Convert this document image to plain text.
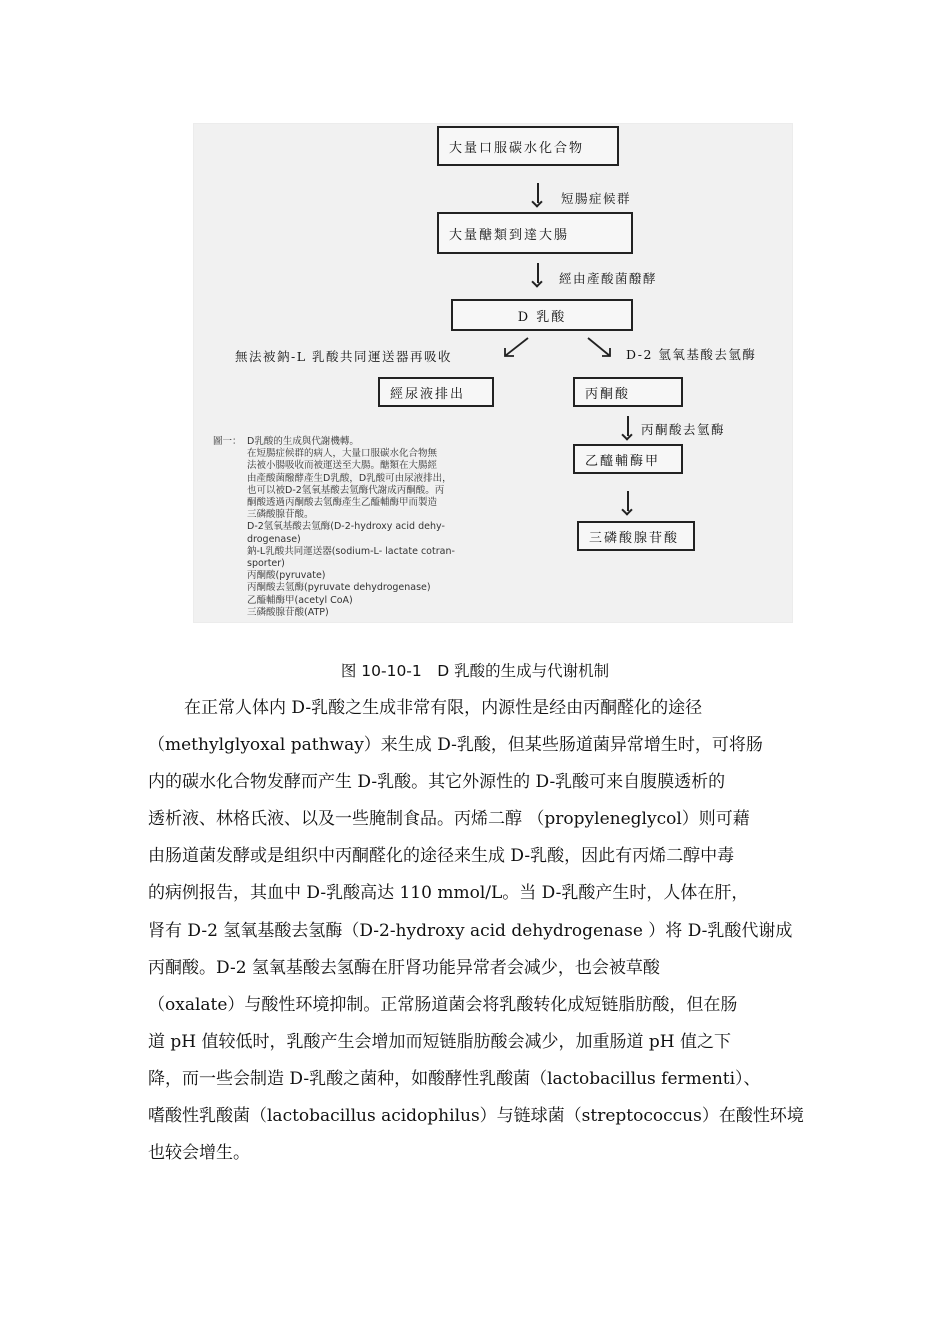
大量口服碳水化合物
短腸症候群
大量醣類到達大腸
經由產酸菌醱酵
D 乳酸
無法被鈉-L 乳酸共同運送器再吸收	D-2 氫氧基酸去氫酶
經尿液排出	丙酮酸
丙酮酸去氫酶
乙醯輔酶甲
三磷酸腺苷酸
圖一： D乳酸的生成與代謝機轉。
在短腸症候群的病人，大量口服碳水化合物無
法被小腸吸收而被運送至大腸。醣類在大腸經
由產酸菌醱酵產生D乳酸，D乳酸可由尿液排出，
也可以被D-2氫氧基酸去氫酶代謝成丙酮酸。丙
酮酸透過丙酮酸去氫酶產生乙醯輔酶甲而製造
三磷酸腺苷酸。
D-2氫氧基酸去氫酶(D-2-hydroxy acid dehy-
drogenase)
鈉-L乳酸共同運送器(sodium-L- lactate cotran-
sporter)
丙酮酸(pyruvate)
丙酮酸去氫酶(pyruvate dehydrogenase)
乙醯輔酶甲(acetyl CoA)
三磷酸腺苷酸(ATP)
图 10-10-1　D 乳酸的生成与代谢机制
在正常人体内 D-乳酸之生成非常有限，内源性是经由丙酮醛化的途径
（methylglyoxal pathway）来生成 D-乳酸，但某些肠道菌异常增生时，可将肠
内的碳水化合物发酵而产生 D-乳酸。其它外源性的 D-乳酸可来自腹膜透析的
透析液、林格氏液、以及一些腌制食品。丙烯二醇 （propyleneglycol）则可藉
由肠道菌发酵或是组织中丙酮醛化的途径来生成 D-乳酸，因此有丙烯二醇中毒
的病例报告，其血中 D-乳酸高达 110 mmol/L。当 D-乳酸产生时，人体在肝，
肾有 D-2 氢氧基酸去氢酶（D-2-hydroxy acid dehydrogenase ）将 D-乳酸代谢成
丙酮酸。D-2 氢氧基酸去氢酶在肝肾功能异常者会减少，也会被草酸
（oxalate）与酸性环境抑制。正常肠道菌会将乳酸转化成短链脂肪酸，但在肠
道 pH 值较低时，乳酸产生会增加而短链脂肪酸会减少，加重肠道 pH 值之下
降，而一些会制造 D-乳酸之菌种，如酸酵性乳酸菌（lactobacillus fermenti）、
嗜酸性乳酸菌（lactobacillus acidophilus）与链球菌（streptococcus）在酸性环境
也较会增生。
